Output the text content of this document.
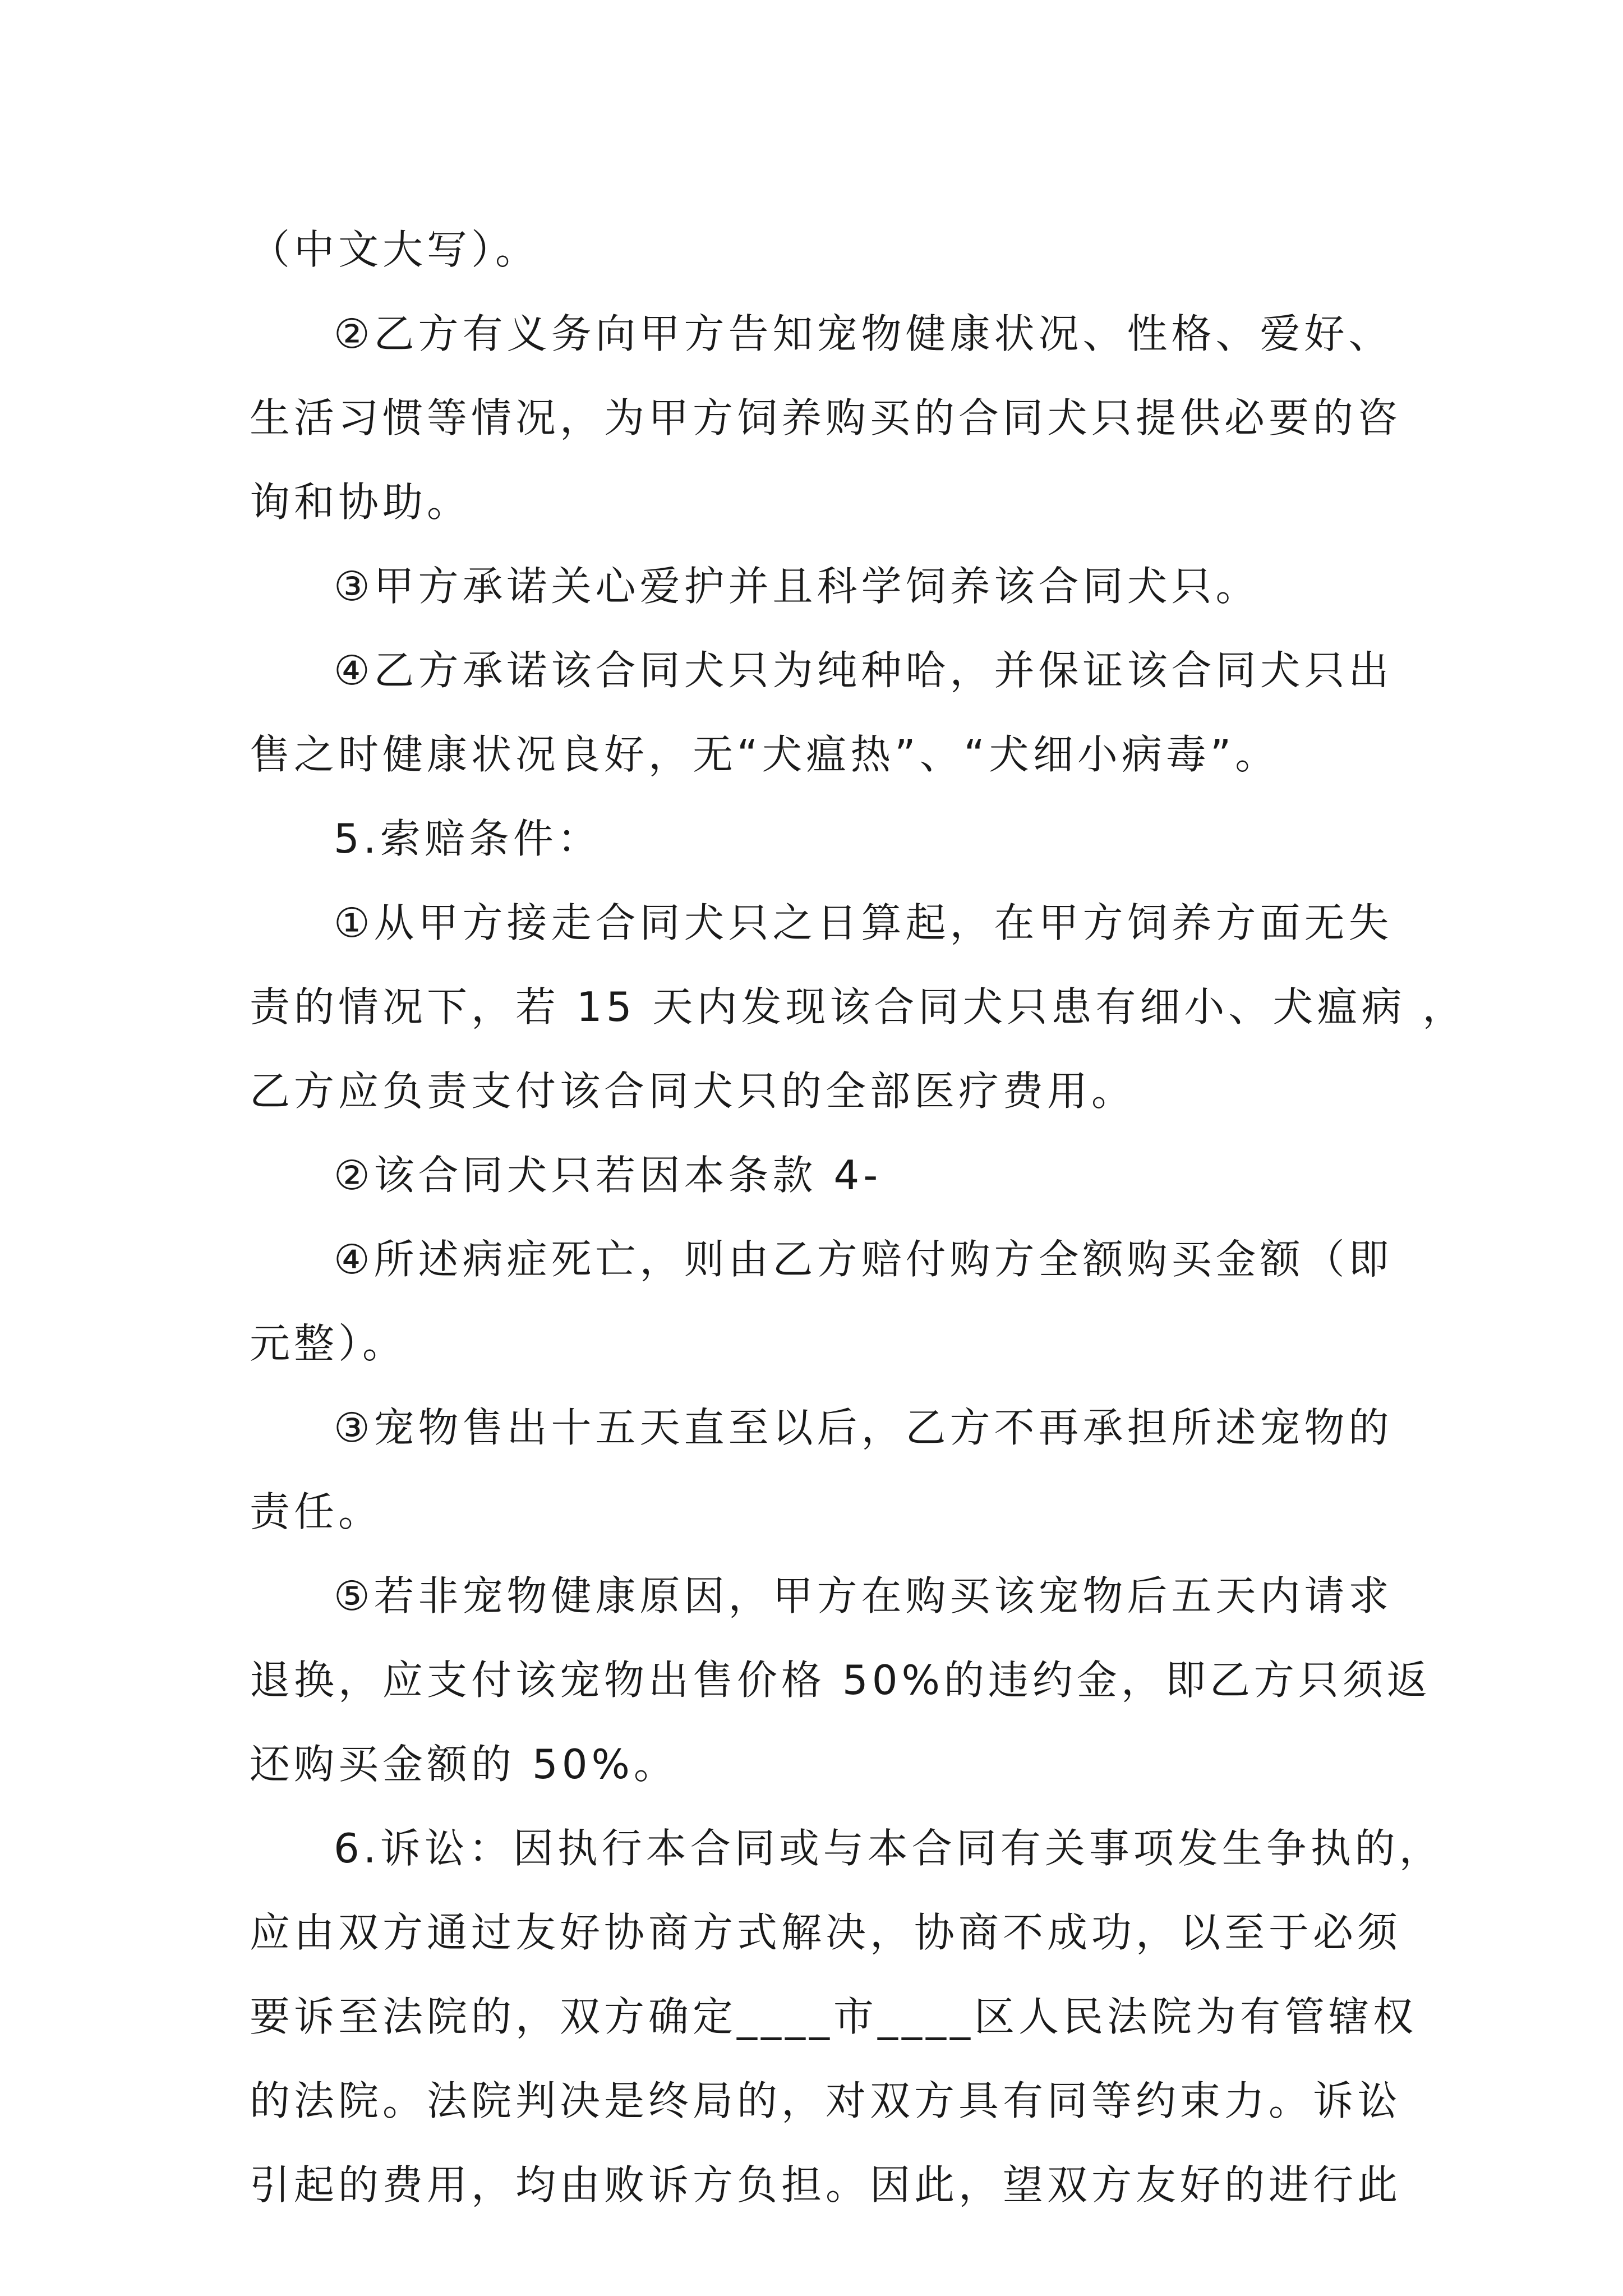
（中文大写）。
②乙方有义务向甲方告知宠物健康状况、性格、爱好、
生活习惯等情况，为甲方饲养购买的合同犬只提供必要的咨
询和协助。
③甲方承诺关心爱护并且科学饲养该合同犬只。
④乙方承诺该合同犬只为纯种哈，并保证该合同犬只出
售之时健康状况良好，无“犬瘟热”、“犬细小病毒”。
5.索赔条件：
①从甲方接走合同犬只之日算起，在甲方饲养方面无失
责的情况下，若 15 天内发现该合同犬只患有细小、犬瘟病 ，
乙方应负责支付该合同犬只的全部医疗费用。
②该合同犬只若因本条款 4-
④所述病症死亡，则由乙方赔付购方全额购买金额（即
元整）。
③宠物售出十五天直至以后，乙方不再承担所述宠物的
责任。
⑤若非宠物健康原因，甲方在购买该宠物后五天内请求
退换，应支付该宠物出售价格 50%的违约金，即乙方只须返
还购买金额的 50%。
6.诉讼：因执行本合同或与本合同有关事项发生争执的，
应由双方通过友好协商方式解决，协商不成功，以至于必须
要诉至法院的，双方确定____市____区人民法院为有管辖权
的法院。法院判决是终局的，对双方具有同等约束力。诉讼
引起的费用，均由败诉方负担。因此，望双方友好的进行此
